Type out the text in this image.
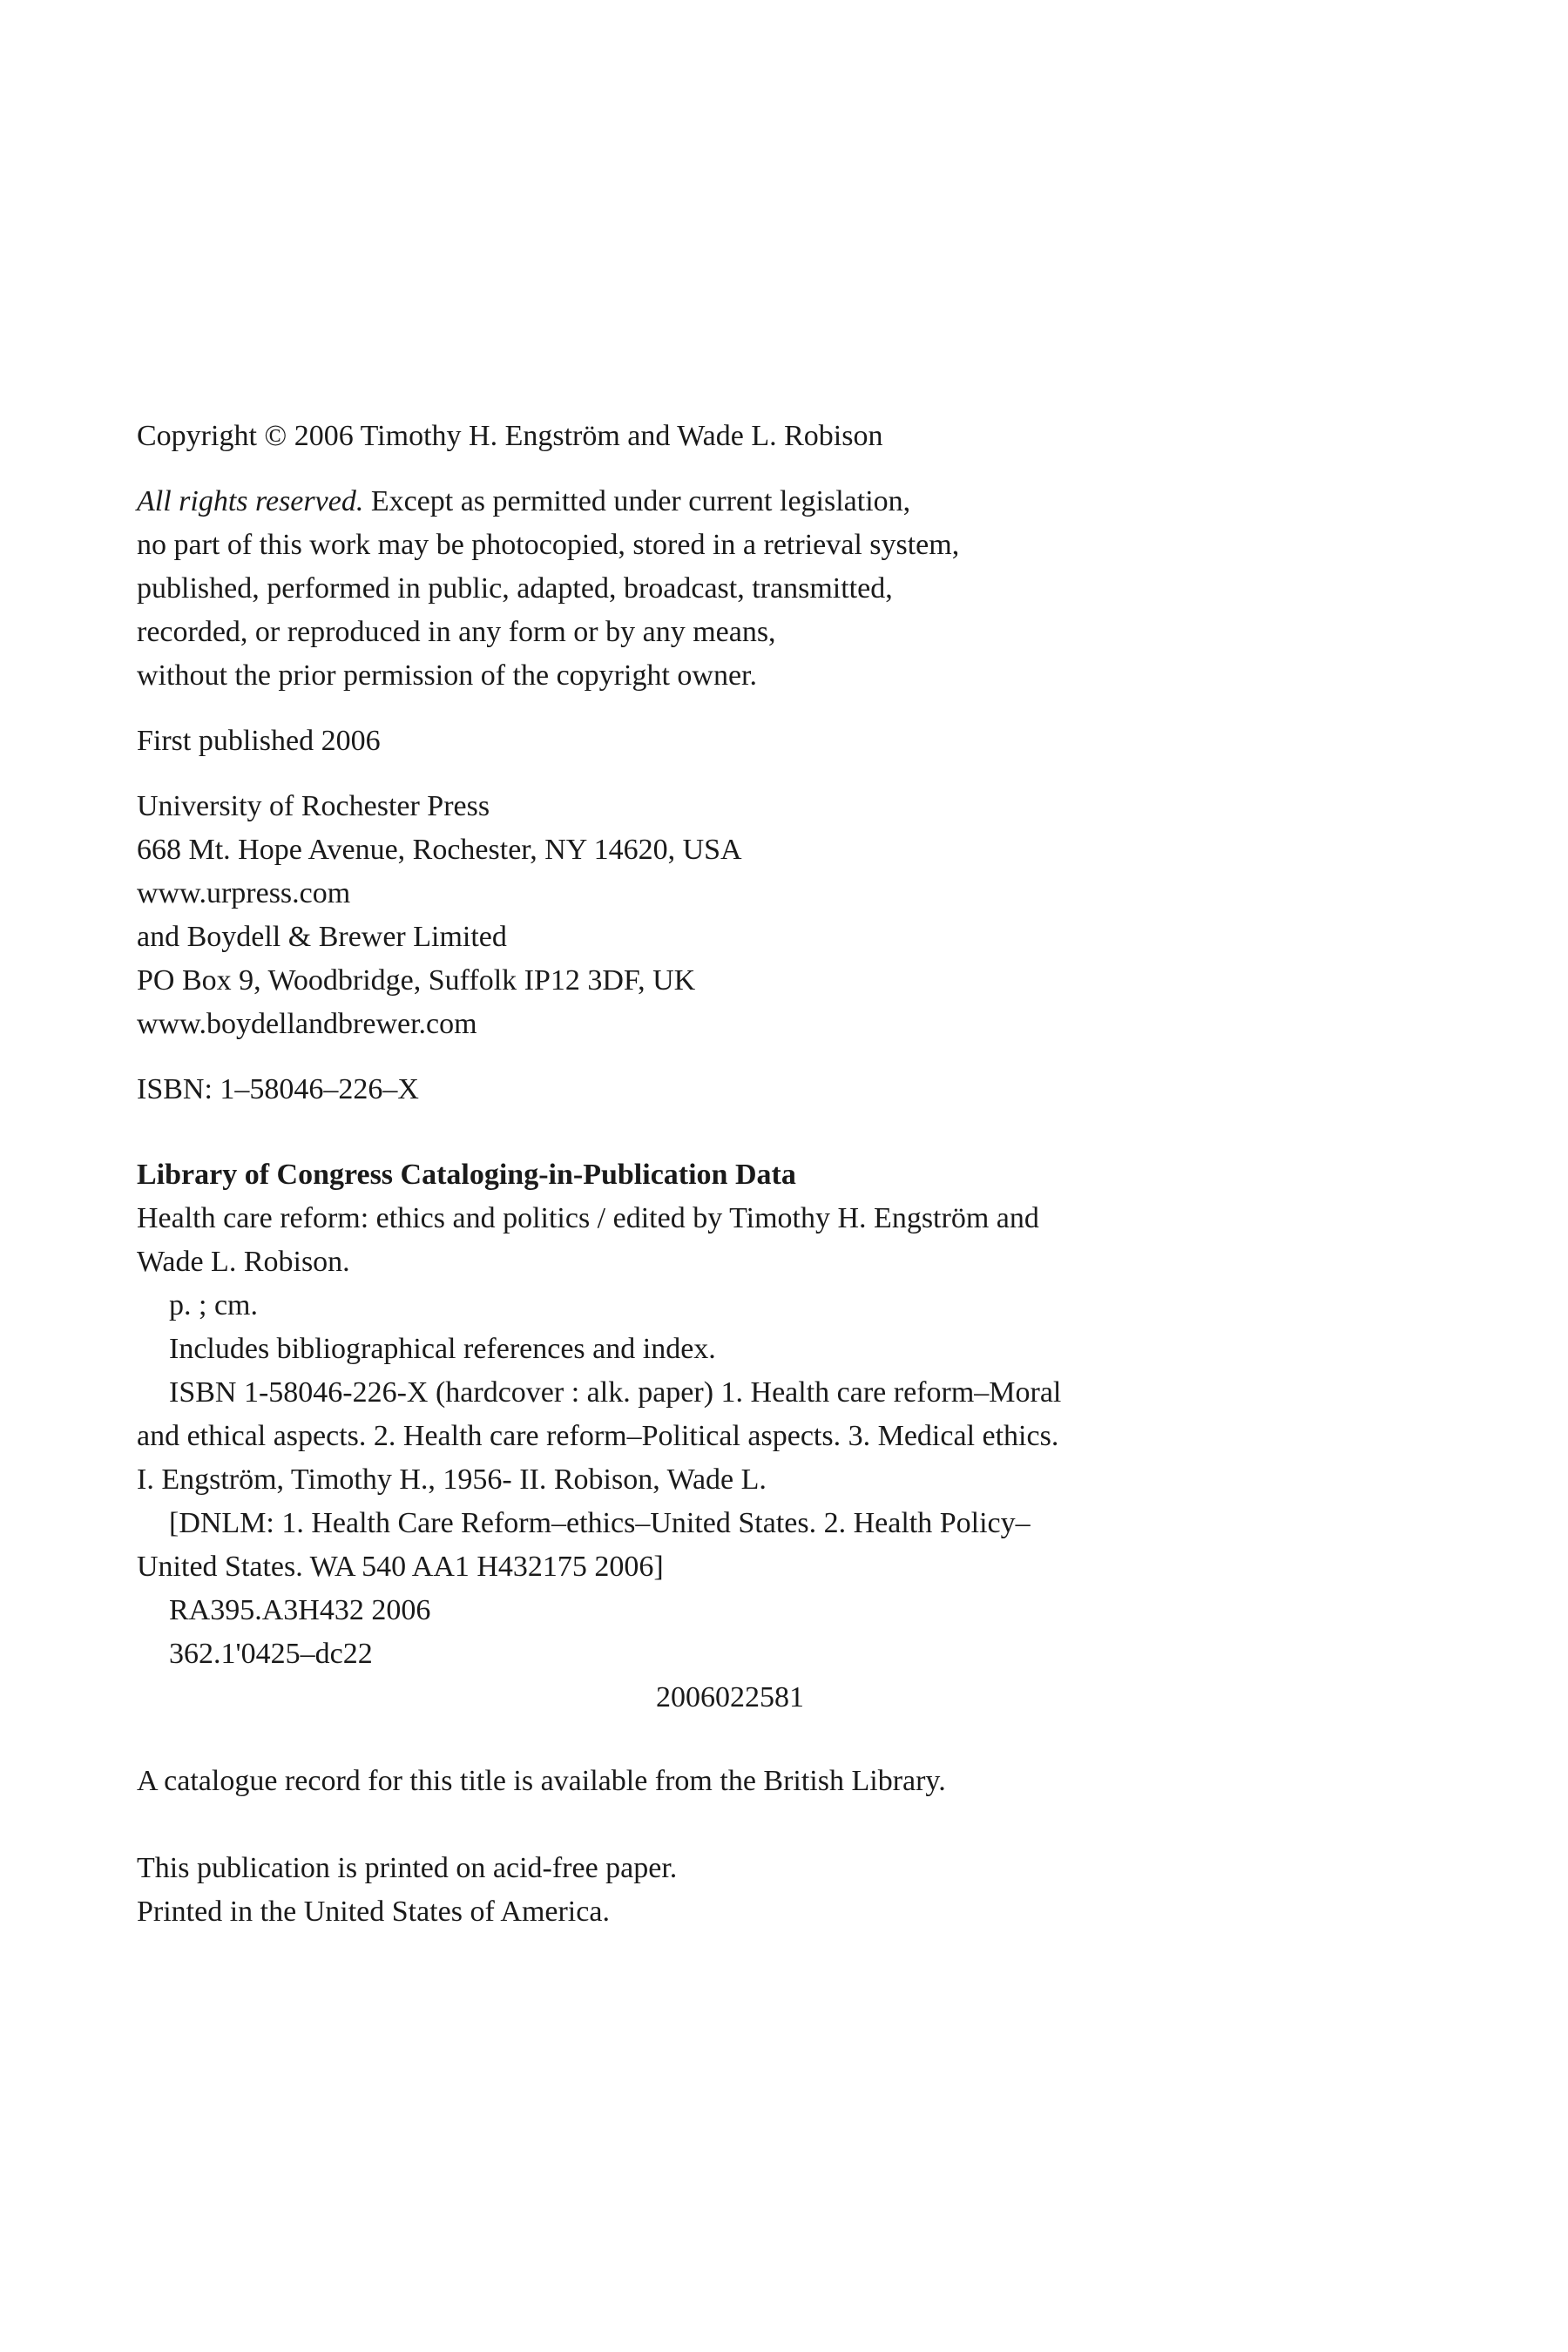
Copyright © 2006 Timothy H. Engström and Wade L. Robison
All rights reserved. Except as permitted under current legislation,
no part of this work may be photocopied, stored in a retrieval system,
published, performed in public, adapted, broadcast, transmitted,
recorded, or reproduced in any form or by any means,
without the prior permission of the copyright owner.
First published 2006
University of Rochester Press
668 Mt. Hope Avenue, Rochester, NY 14620, USA
www.urpress.com
and Boydell & Brewer Limited
PO Box 9, Woodbridge, Suffolk IP12 3DF, UK
www.boydellandbrewer.com
ISBN: 1–58046–226–X
Library of Congress Cataloging-in-Publication Data
Health care reform: ethics and politics / edited by Timothy H. Engström and
Wade L. Robison.
p. ; cm.
Includes bibliographical references and index.
ISBN 1-58046-226-X (hardcover : alk. paper) 1. Health care reform–Moral
and ethical aspects. 2. Health care reform–Political aspects. 3. Medical ethics.
I. Engström, Timothy H., 1956- II. Robison, Wade L.
[DNLM: 1. Health Care Reform–ethics–United States. 2. Health Policy–
United States. WA 540 AA1 H432175 2006]
RA395.A3H432 2006
362.1'0425–dc22
2006022581
A catalogue record for this title is available from the British Library.
This publication is printed on acid-free paper.
Printed in the United States of America.
